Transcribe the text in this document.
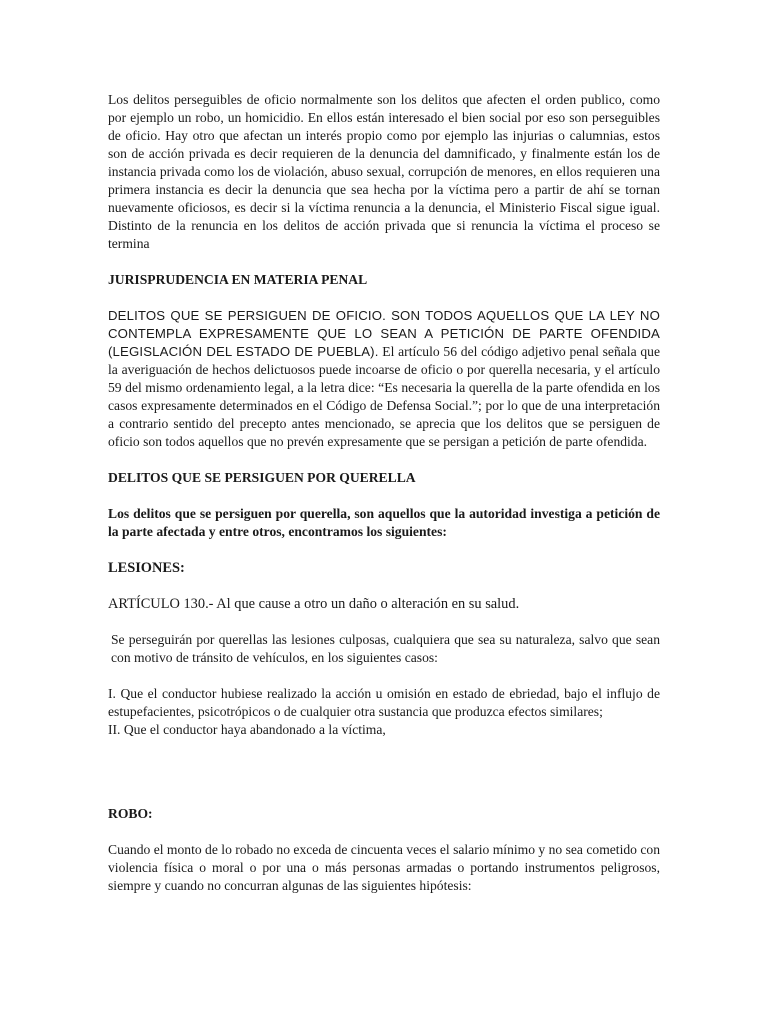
Los delitos perseguibles de oficio normalmente son los delitos que afecten el orden publico, como por ejemplo un robo, un homicidio. En ellos están interesado el bien social por eso son perseguibles de oficio. Hay otro que afectan un interés propio como por ejemplo las injurias o calumnias, estos son de acción privada es decir requieren de la denuncia del damnificado, y finalmente están los de instancia privada como los de violación, abuso sexual, corrupción de menores, en ellos requieren una primera instancia es decir la denuncia que sea hecha por la víctima pero a partir de ahí se tornan nuevamente oficiosos, es decir si la víctima renuncia a la denuncia, el Ministerio Fiscal sigue igual. Distinto de la renuncia en los delitos de acción privada que si renuncia la víctima el proceso se termina

JURISPRUDENCIA EN MATERIA PENAL

DELITOS QUE SE PERSIGUEN DE OFICIO. SON TODOS AQUELLOS QUE LA LEY NO CONTEMPLA EXPRESAMENTE QUE LO SEAN A PETICIÓN DE PARTE OFENDIDA (LEGISLACIÓN DEL ESTADO DE PUEBLA). El artículo 56 del código adjetivo penal señala que la averiguación de hechos delictuosos puede incoarse de oficio o por querella necesaria, y el artículo 59 del mismo ordenamiento legal, a la letra dice: “Es necesaria la querella de la parte ofendida en los casos expresamente determinados en el Código de Defensa Social.”; por lo que de una interpretación a contrario sentido del precepto antes mencionado, se aprecia que los delitos que se persiguen de oficio son todos aquellos que no prevén expresamente que se persigan a petición de parte ofendida.

DELITOS QUE SE PERSIGUEN POR QUERELLA

Los delitos que se persiguen por querella, son aquellos que la autoridad investiga a petición de la parte afectada y entre otros, encontramos los siguientes:

LESIONES:

ARTÍCULO 130.- Al que cause a otro un daño o alteración en su salud.

Se perseguirán por querellas las lesiones culposas, cualquiera que sea su naturaleza, salvo que sean con motivo de tránsito de vehículos, en los siguientes casos:

I. Que el conductor hubiese realizado la acción u omisión en estado de ebriedad, bajo el influjo de estupefacientes, psicotrópicos o de cualquier otra sustancia que produzca efectos similares;

II. Que el conductor haya abandonado a la víctima,

ROBO:

Cuando el monto de lo robado no exceda de cincuenta veces el salario mínimo y no sea cometido con violencia física o moral o por una o más personas armadas o portando instrumentos peligrosos, siempre y cuando no concurran algunas de las siguientes hipótesis:
